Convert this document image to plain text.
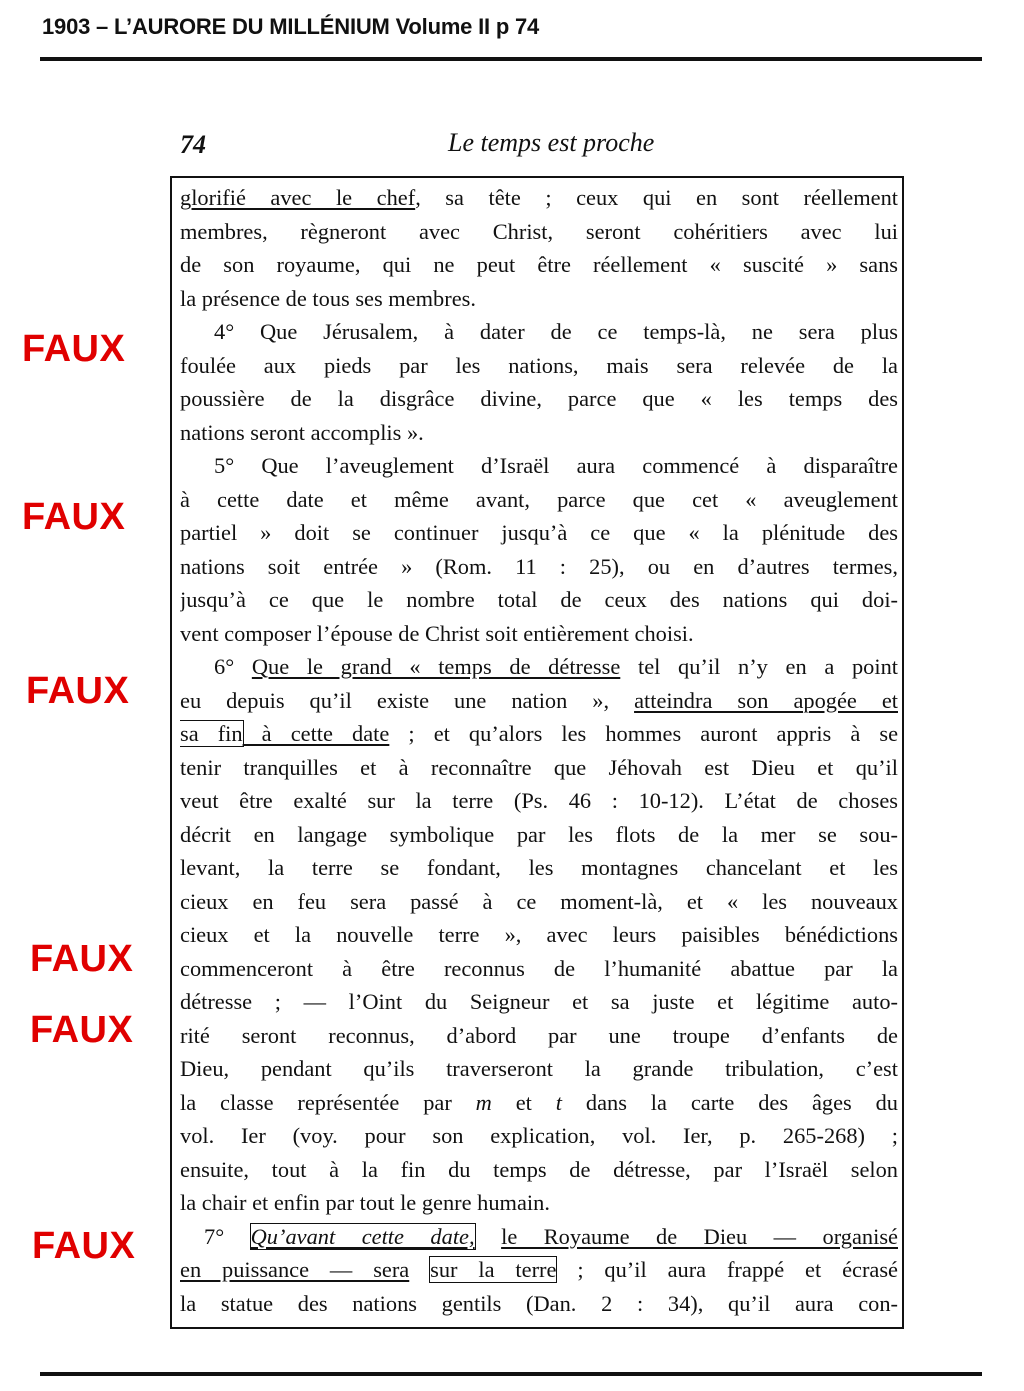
1903 – L’AURORE DU MILLÉNIUM Volume II p 74
74	Le temps est proche
glorifié avec le chef, sa tête ; ceux qui en sont réellement
membres, règneront avec Christ, seront cohéritiers avec lui
de son royaume, qui ne peut être réellement « suscité » sans
la présence de tous ses membres.
4° Que Jérusalem, à dater de ce temps-là, ne sera plus
foulée aux pieds par les nations, mais sera relevée de la
poussière de la disgrâce divine, parce que « les temps des
nations seront accomplis ».
5° Que l’aveuglement d’Israël aura commencé à disparaître
à cette date et même avant, parce que cet « aveuglement
partiel » doit se continuer jusqu’à ce que « la plénitude des
nations soit entrée » (Rom. 11 : 25), ou en d’autres termes,
jusqu’à ce que le nombre total de ceux des nations qui doi-
vent composer l’épouse de Christ soit entièrement choisi.
6° Que le grand « temps de détresse tel qu’il n’y en a point
eu depuis qu’il existe une nation », atteindra son apogée et
sa fin à cette date ; et qu’alors les hommes auront appris à se
tenir tranquilles et à reconnaître que Jéhovah est Dieu et qu’il
veut être exalté sur la terre (Ps. 46 : 10-12). L’état de choses
décrit en langage symbolique par les flots de la mer se sou-
levant, la terre se fondant, les montagnes chancelant et les
cieux en feu sera passé à ce moment-là, et « les nouveaux
cieux et la nouvelle terre », avec leurs paisibles bénédictions
commenceront à être reconnus de l’humanité abattue par la
détresse ; — l’Oint du Seigneur et sa juste et légitime auto-
rité seront reconnus, d’abord par une troupe d’enfants de
Dieu, pendant qu’ils traverseront la grande tribulation, c’est
la classe représentée par m et t dans la carte des âges du
vol. Ier (voy. pour son explication, vol. Ier, p. 265-268) ;
ensuite, tout à la fin du temps de détresse, par l’Israël selon
la chair et enfin par tout le genre humain.
7° Qu’avant cette date, le Royaume de Dieu — organisé
en puissance — sera sur la terre ; qu’il aura frappé et écrasé
la statue des nations gentils (Dan. 2 : 34), qu’il aura con-
FAUX
FAUX
FAUX
FAUX
FAUX
FAUX
